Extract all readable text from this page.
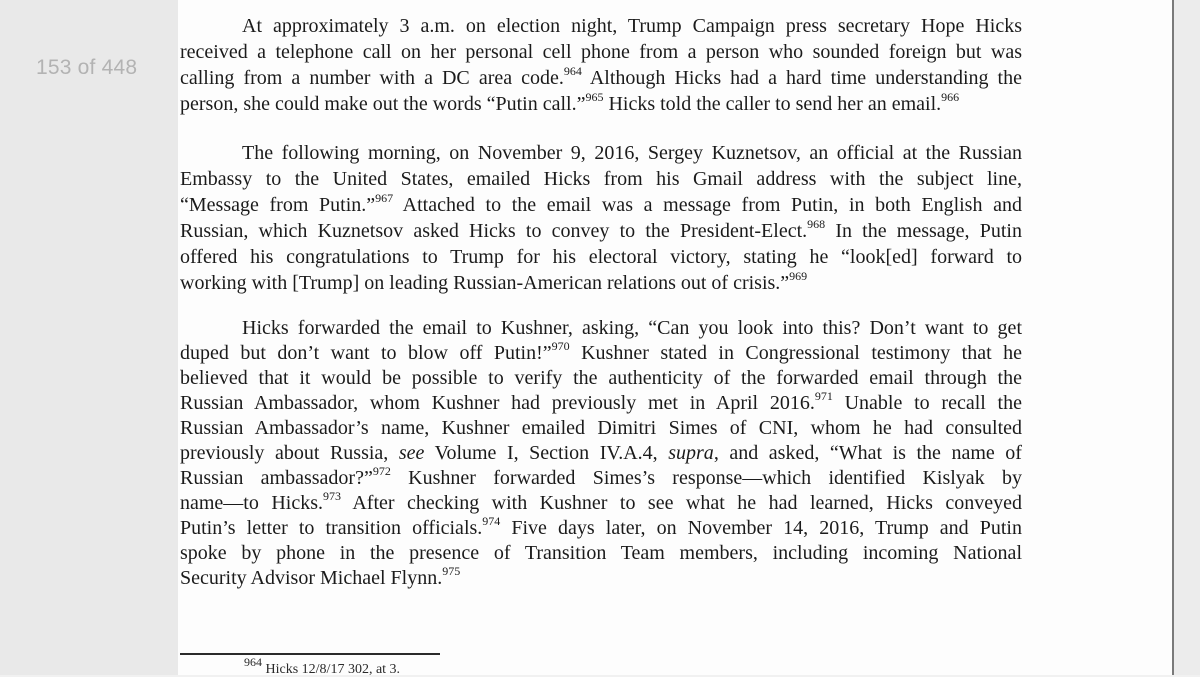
153 of 448
At approximately 3 a.m. on election night, Trump Campaign press secretary Hope Hicks
received a telephone call on her personal cell phone from a person who sounded foreign but was
calling from a number with a DC area code.$^{964}$ Although Hicks had a hard time understanding the
person, she could make out the words “Putin call.”$^{965}$ Hicks told the caller to send her an email.$^{966}$
The following morning, on November 9, 2016, Sergey Kuznetsov, an official at the Russian
Embassy to the United States, emailed Hicks from his Gmail address with the subject line,
“Message from Putin.”$^{967}$ Attached to the email was a message from Putin, in both English and
Russian, which Kuznetsov asked Hicks to convey to the President-Elect.$^{968}$ In the message, Putin
offered his congratulations to Trump for his electoral victory, stating he “look[ed] forward to
working with [Trump] on leading Russian-American relations out of crisis.”$^{969}$
Hicks forwarded the email to Kushner, asking, “Can you look into this? Don’t want to get
duped but don’t want to blow off Putin!”$^{970}$ Kushner stated in Congressional testimony that he
believed that it would be possible to verify the authenticity of the forwarded email through the
Russian Ambassador, whom Kushner had previously met in April 2016.$^{971}$ Unable to recall the
Russian Ambassador’s name, Kushner emailed Dimitri Simes of CNI, whom he had consulted
previously about Russia, see Volume I, Section IV.A.4, supra, and asked, “What is the name of
Russian ambassador?”$^{972}$ Kushner forwarded Simes’s response—which identified Kislyak by
name—to Hicks.$^{973}$ After checking with Kushner to see what he had learned, Hicks conveyed
Putin’s letter to transition officials.$^{974}$ Five days later, on November 14, 2016, Trump and Putin
spoke by phone in the presence of Transition Team members, including incoming National
Security Advisor Michael Flynn.$^{975}$
$^{964}$ Hicks 12/8/17 302, at 3.
